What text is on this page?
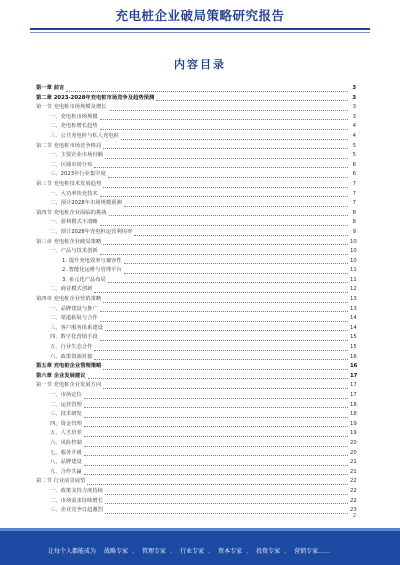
充电桩企业破局策略研究报告
内容目录
第一章 前言	3
第二章 2023-2028年充电桩市场竞争及趋势预测	3
第一节 充电桩市场规模及增长	3
一、充电桩市场规模	3
二、充电桩增长趋势	4
三、公共充电桩与私人充电桩	4
第二节 充电桩市场竞争格局	5
一、主要企业市场份额	5
二、区域市场分布	6
三、2023年行业集中度	6
第三节 充电桩技术发展趋势	7
一、大功率快充技术	7
二、预计2028年市场规模预测	7
第四节 充电桩企业面临的挑战	8
一、盈利模式不清晰	8
二、预计2028年充电桩运营利用率	9
第三章 充电桩企业破局策略	10
一、产品与技术创新	10
1. 提升充电效率与兼容性	10
2. 智能化运维与管理平台	11
3. 多元化产品布局	11
二、商业模式创新	12
第四章 充电桩企业营销策略	13
一、品牌建设与推广	13
二、渠道拓展与合作	14
三、客户服务体系建设	14
四、数字化营销手段	15
五、行业生态合作	15
六、政策资源对接	16
第五章 充电桩企业管理策略	16
第六章 企业发展建议	17
第一节 充电桩企业发展方向	17
一、市场定位	17
二、运营管理	18
三、技术研发	18
四、资金管理	19
五、人才培养	19
六、风险控制	20
七、服务升级	20
八、品牌建设	21
九、合作共赢	21
第二节 行业前景展望	22
一、政策支持力度持续	22
二、市场需求持续增长	22
三、企业竞争日趋激烈	23
2
让每个人都能成为 战略专家 、 管理专家 、 行业专家 、 资本专家 、 投资专家 、 营销专家……
